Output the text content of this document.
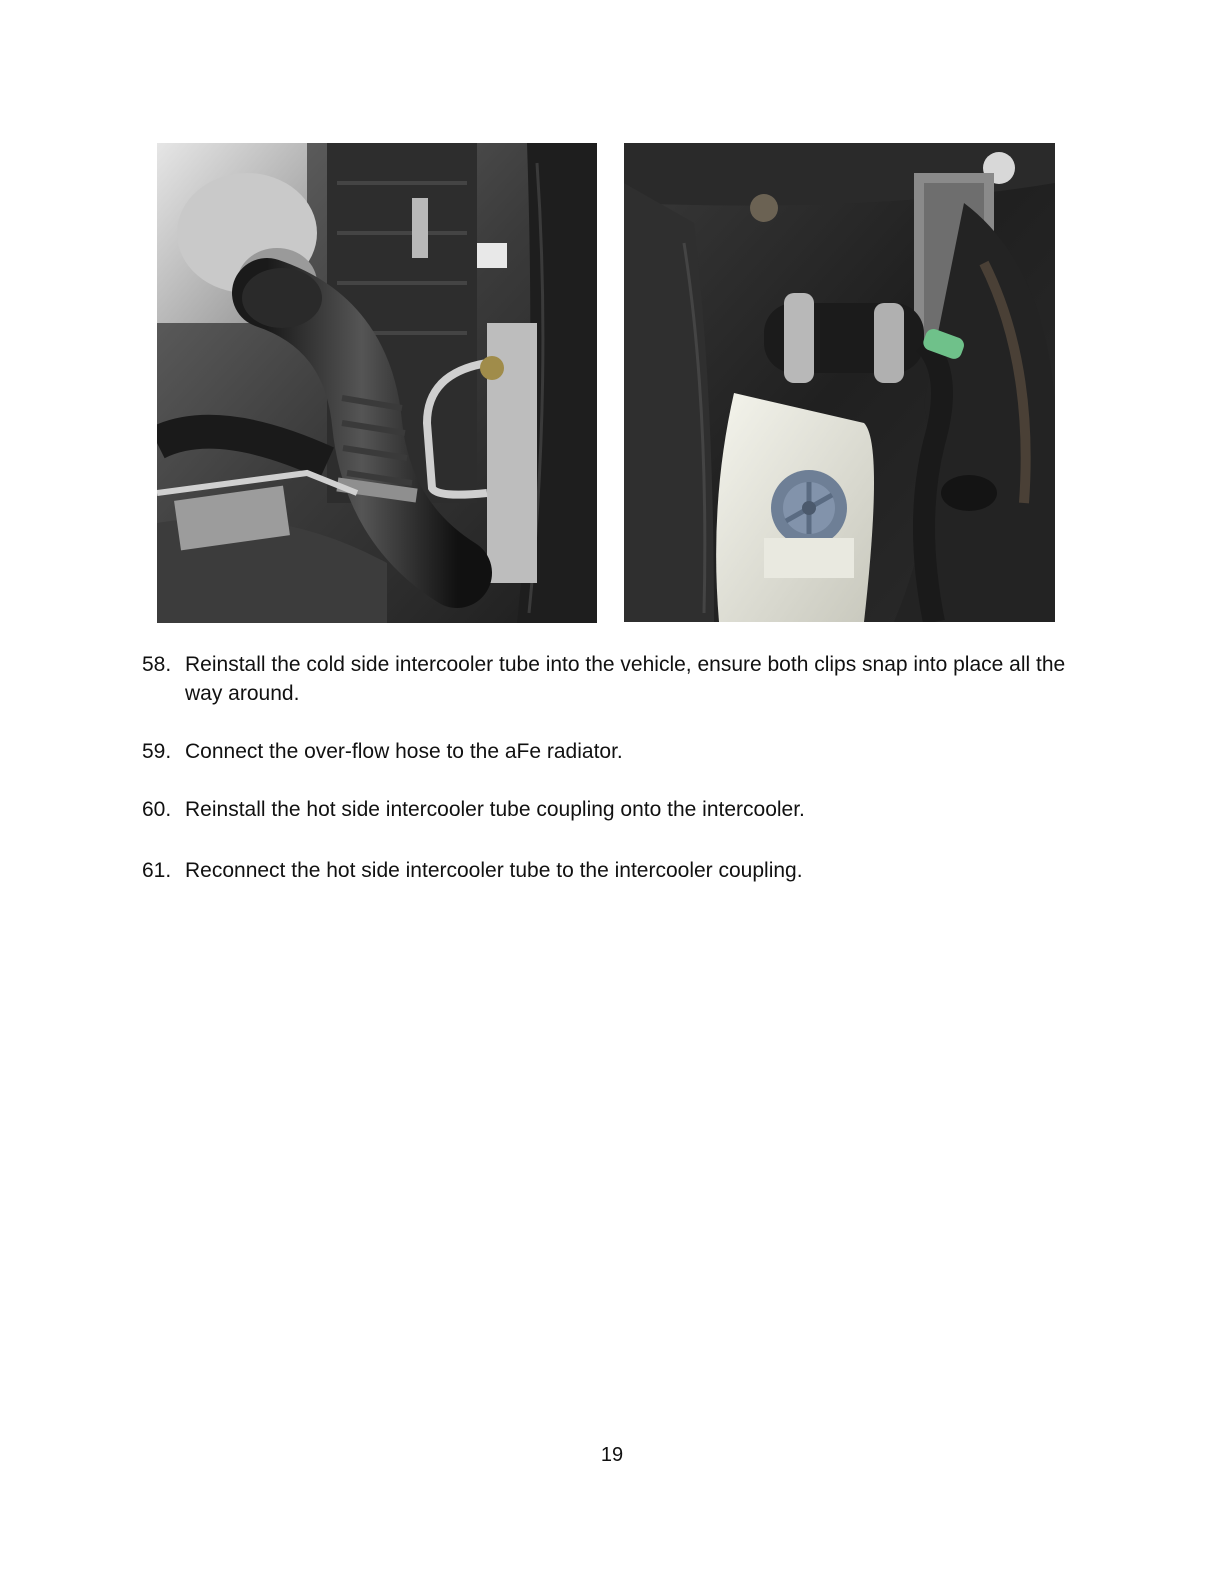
58. Reinstall the cold side intercooler tube into the vehicle, ensure both clips snap into place all the way around.
59. Connect the over-flow hose to the aFe radiator.
60. Reinstall the hot side intercooler tube coupling onto the intercooler.
61. Reconnect the hot side intercooler tube to the intercooler coupling.
19
